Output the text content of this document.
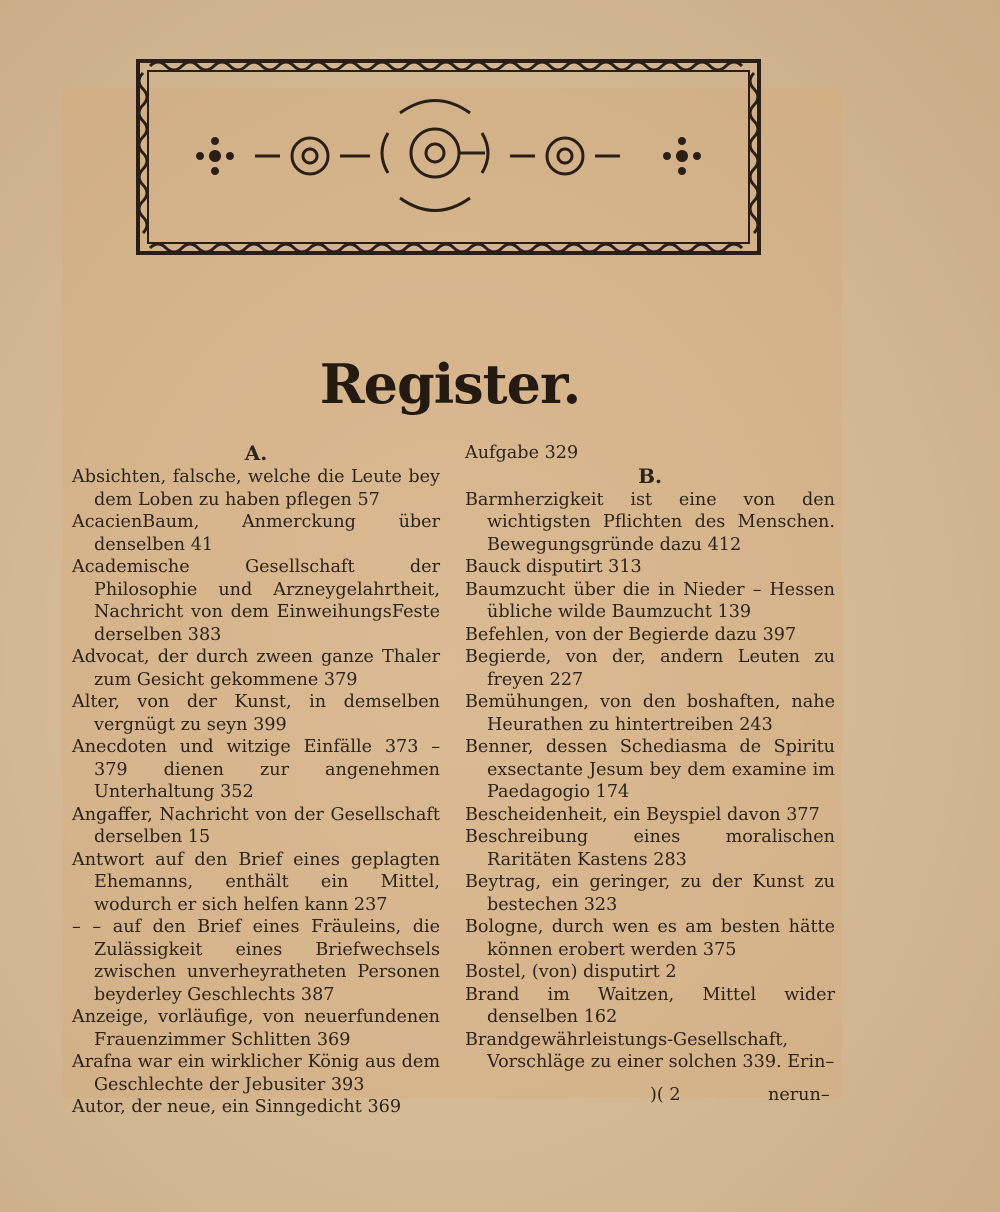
Register.
A.
Absichten, falsche, welche die Leute bey dem Loben zu haben pflegen 57
AcacienBaum, Anmerckung über denselben 41
Academische Gesellschaft der Philosophie und Arzneygelahrtheit, Nachricht von dem EinweihungsFeste derselben 383
Advocat, der durch zween ganze Thaler zum Gesicht gekommene 379
Alter, von der Kunst, in demselben vergnügt zu seyn 399
Anecdoten und witzige Einfälle 373 – 379 dienen zur angenehmen Unterhaltung 352
Angaffer, Nachricht von der Gesellschaft derselben 15
Antwort auf den Brief eines geplagten Ehemanns, enthält ein Mittel, wodurch er sich helfen kann 237
– – auf den Brief eines Fräuleins, die Zulässigkeit eines Briefwechsels zwischen unverheyratheten Personen beyderley Geschlechts 387
Anzeige, vorläufige, von neuerfundenen Frauenzimmer Schlitten 369
Arafna war ein wirklicher König aus dem Geschlechte der Jebusiter 393
Autor, der neue, ein Sinngedicht 369
Aufgabe 329
B.
Barmherzigkeit ist eine von den wichtigsten Pflichten des Menschen. Bewegungsgründe dazu 412
Bauck disputirt 313
Baumzucht über die in Nieder – Hessen übliche wilde Baumzucht 139
Befehlen, von der Begierde dazu 397
Begierde, von der, andern Leuten zu freyen 227
Bemühungen, von den boshaften, nahe Heurathen zu hintertreiben 243
Benner, dessen Schediasma de Spiritu exsectante Jesum bey dem examine im Paedagogio 174
Bescheidenheit, ein Beyspiel davon 377
Beschreibung eines moralischen Raritäten Kastens 283
Beytrag, ein geringer, zu der Kunst zu bestechen 323
Bologne, durch wen es am besten hätte können erobert werden 375
Bostel, (von) disputirt 2
Brand im Waitzen, Mittel wider denselben 162
Brandgewährleistungs-Gesellschaft, Vorschläge zu einer solchen 339. Erin–
)( 2	nerun–
